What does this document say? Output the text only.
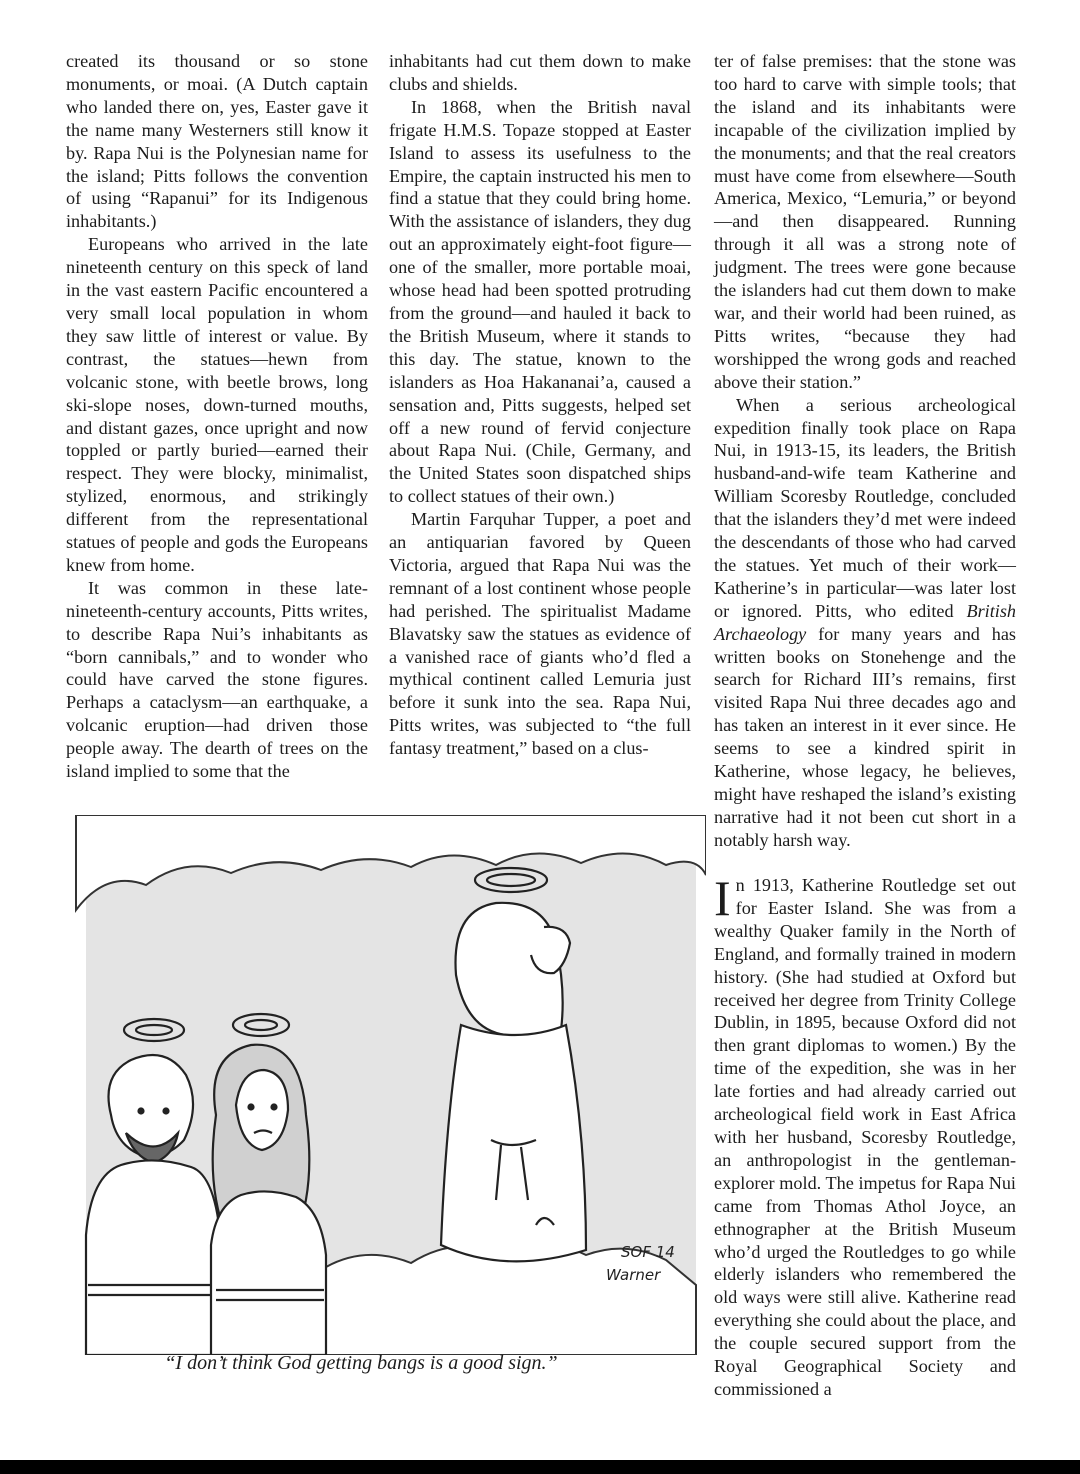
created its thousand or so stone monuments, or moai. (A Dutch captain who landed there on, yes, Easter gave it the name many Westerners still know it by. Rapa Nui is the Polynesian name for the island; Pitts follows the convention of using “Rapanui” for its Indigenous inhabitants.)

Europeans who arrived in the late nineteenth century on this speck of land in the vast eastern Pacific encountered a very small local population in whom they saw little of interest or value. By contrast, the statues—hewn from volcanic stone, with beetle brows, long ski-slope noses, down-turned mouths, and distant gazes, once upright and now toppled or partly buried—earned their respect. They were blocky, minimalist, stylized, enormous, and strikingly different from the representational statues of people and gods the Europeans knew from home.

It was common in these late-nineteenth-century accounts, Pitts writes, to describe Rapa Nui’s inhabitants as “born cannibals,” and to wonder who could have carved the stone figures. Perhaps a cataclysm—an earthquake, a volcanic eruption—had driven those people away. The dearth of trees on the island implied to some that the

inhabitants had cut them down to make clubs and shields.

In 1868, when the British naval frigate H.M.S. Topaze stopped at Easter Island to assess its usefulness to the Empire, the captain instructed his men to find a statue that they could bring home. With the assistance of islanders, they dug out an approximately eight-foot figure—one of the smaller, more portable moai, whose head had been spotted protruding from the ground—and hauled it back to the British Museum, where it stands to this day. The statue, known to the islanders as Hoa Hakananai’a, caused a sensation and, Pitts suggests, helped set off a new round of fervid conjecture about Rapa Nui. (Chile, Germany, and the United States soon dispatched ships to collect statues of their own.)

Martin Farquhar Tupper, a poet and an antiquarian favored by Queen Victoria, argued that Rapa Nui was the remnant of a lost continent whose people had perished. The spiritualist Madame Blavatsky saw the statues as evidence of a vanished race of giants who’d fled a mythical continent called Lemuria just before it sunk into the sea. Rapa Nui, Pitts writes, was subjected to “the full fantasy treatment,” based on a clus-

ter of false premises: that the stone was too hard to carve with simple tools; that the island and its inhabitants were incapable of the civilization implied by the monuments; and that the real creators must have come from elsewhere—South America, Mexico, “Lemuria,” or beyond—and then disappeared. Running through it all was a strong note of judgment. The trees were gone because the islanders had cut them down to make war, and their world had been ruined, as Pitts writes, “because they had worshipped the wrong gods and reached above their station.”

When a serious archeological expedition finally took place on Rapa Nui, in 1913-15, its leaders, the British husband-and-wife team Katherine and William Scoresby Routledge, concluded that the islanders they’d met were indeed the descendants of those who had carved the statues. Yet much of their work—Katherine’s in particular—was later lost or ignored. Pitts, who edited British Archaeology for many years and has written books on Stonehenge and the search for Richard III’s remains, first visited Rapa Nui three decades ago and has taken an interest in it ever since. He seems to see a kindred spirit in Katherine, whose legacy, he believes, might have reshaped the island’s existing narrative had it not been cut short in a notably harsh way.

In 1913, Katherine Routledge set out for Easter Island. She was from a wealthy Quaker family in the North of England, and formally trained in modern history. (She had studied at Oxford but received her degree from Trinity College Dublin, in 1895, because Oxford did not then grant diplomas to women.) By the time of the expedition, she was in her late forties and had already carried out archeological field work in East Africa with her husband, Scoresby Routledge, an anthropologist in the gentleman-explorer mold. The impetus for Rapa Nui came from Thomas Athol Joyce, an ethnographer at the British Museum who’d urged the Routledges to go while elderly islanders who remembered the old ways were still alive. Katherine read everything she could about the place, and the couple secured support from the Royal Geographical Society and commissioned a

SOF 14
Warner
“I don’t think God getting bangs is a good sign.”
